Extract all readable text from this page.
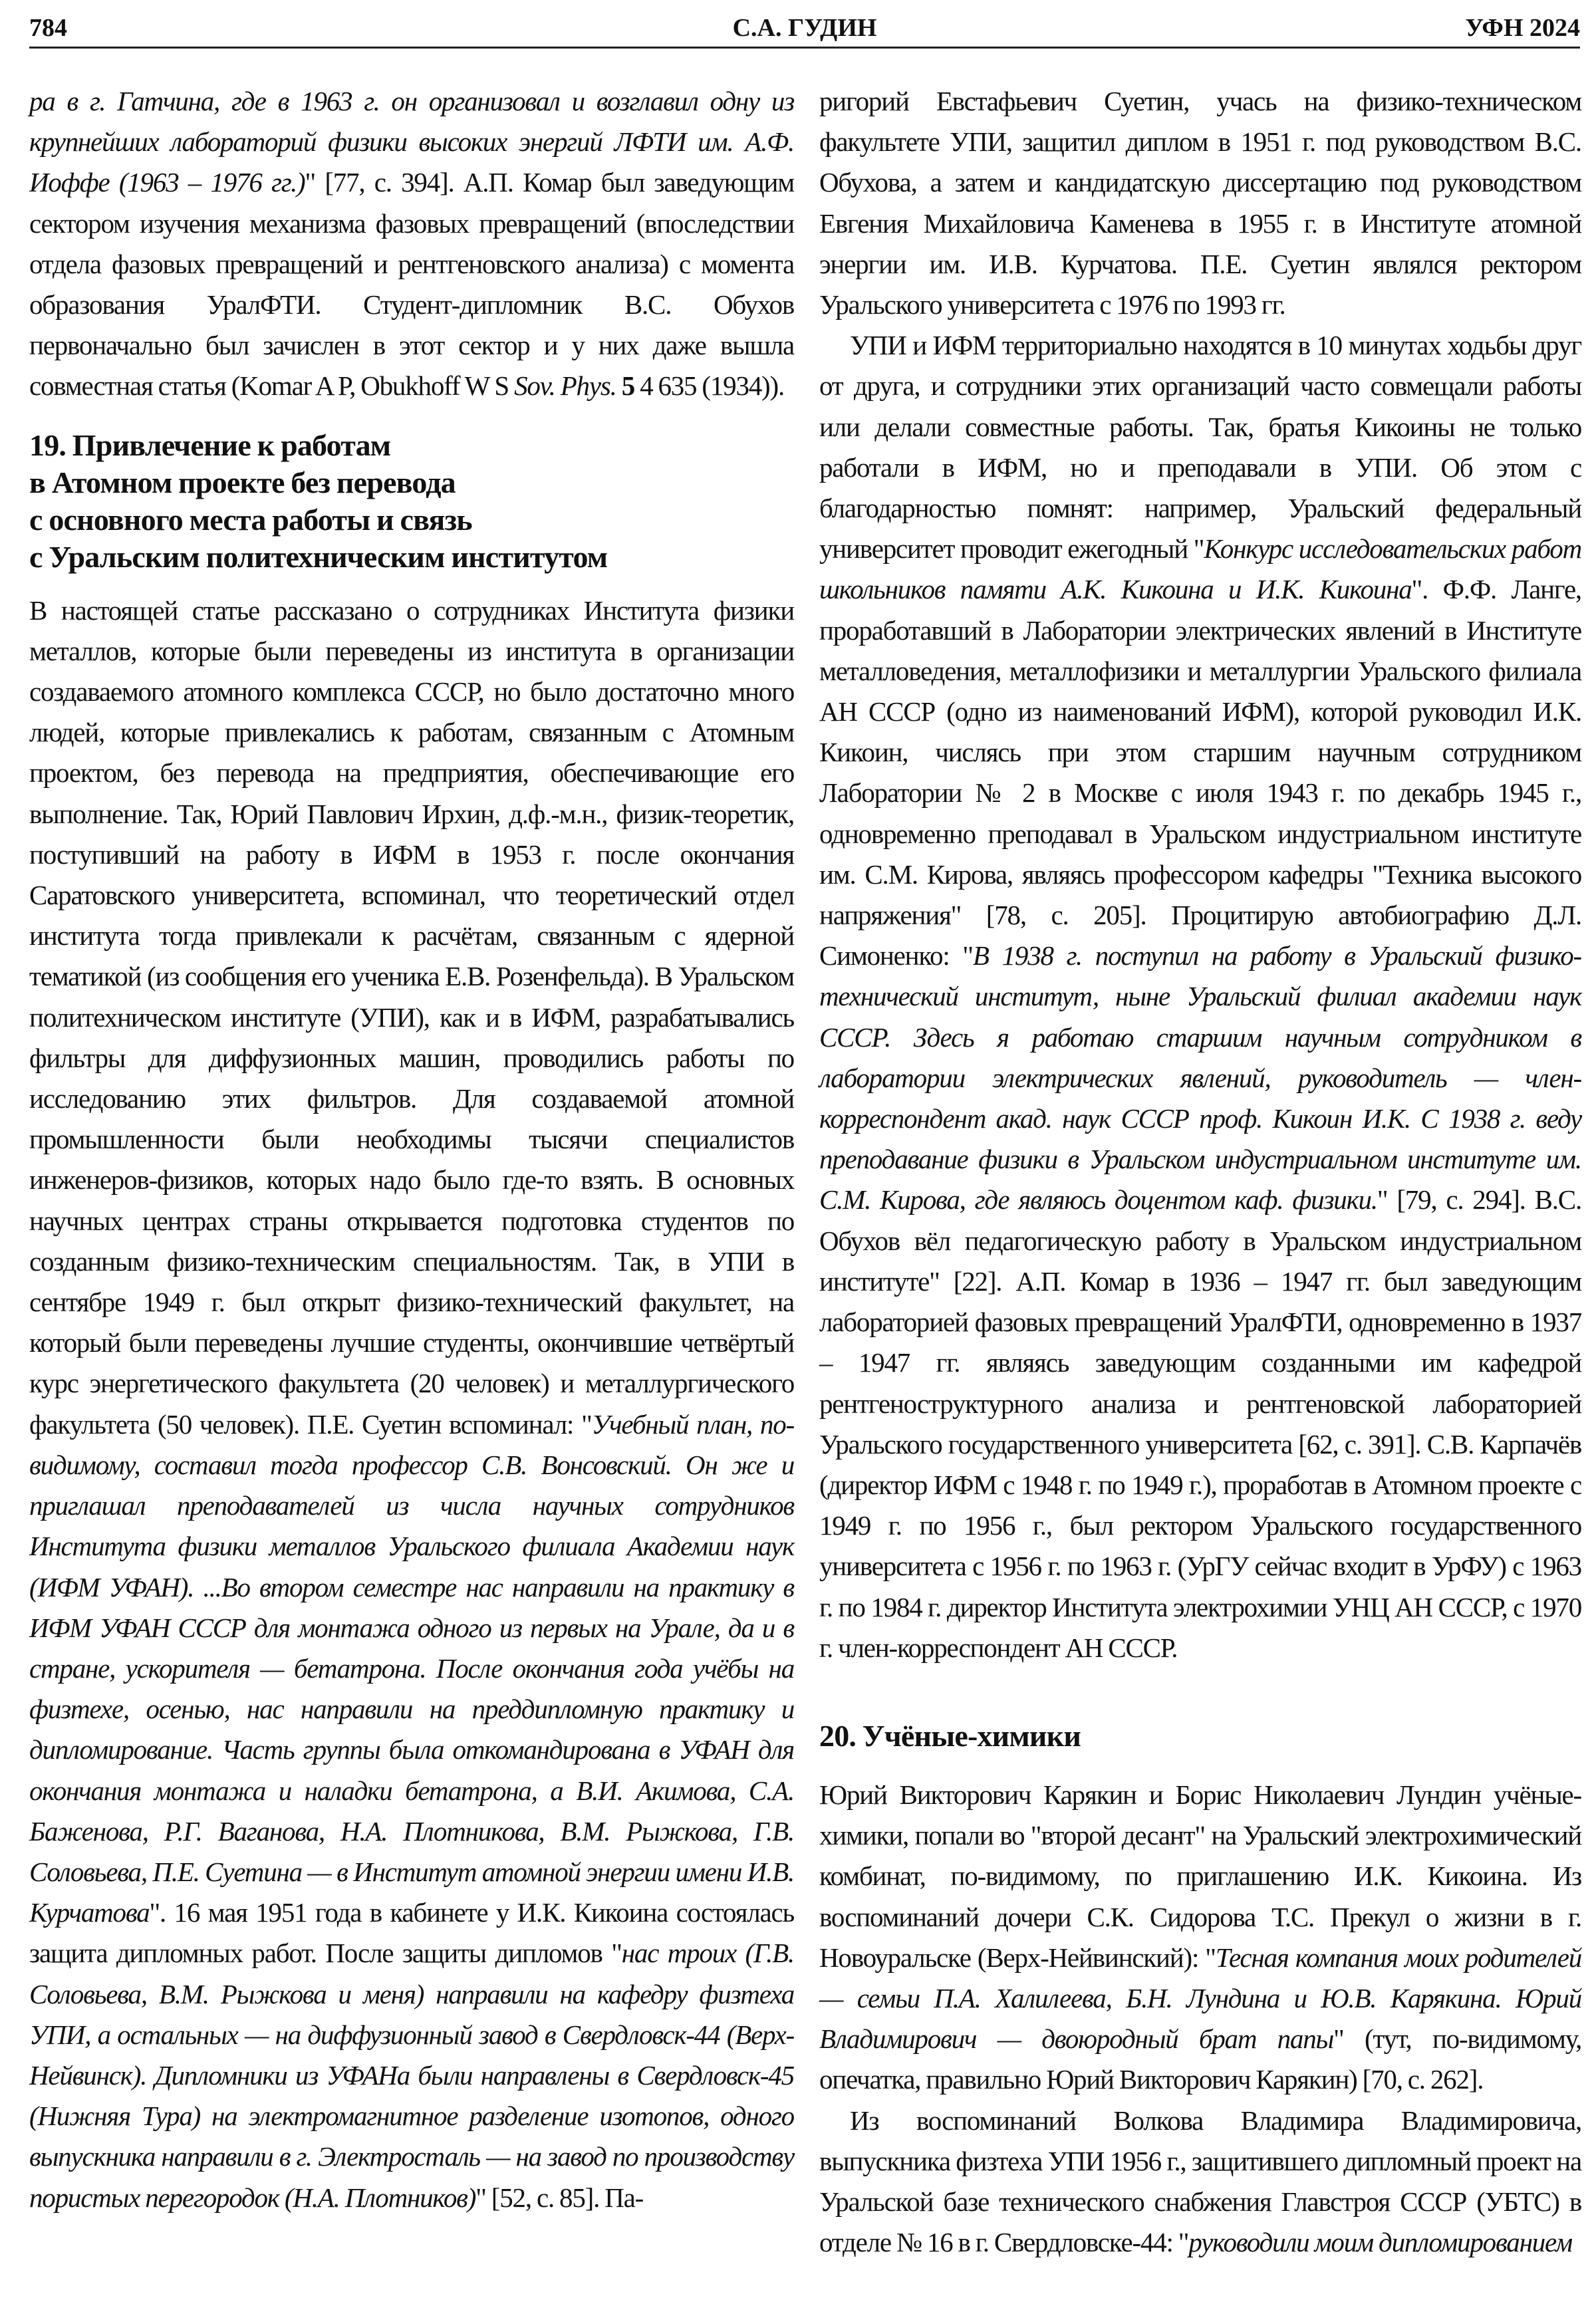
784	С.А. ГУДИН	УФН 2024

ра в г. Гатчина, где в 1963 г. он организовал и возглавил одну из крупнейших лабораторий физики высоких энергий ЛФТИ им. А.Ф. Иоффе (1963 – 1976 гг.)" [77, с. 394]. А.П. Комар был заведующим сектором изучения механизма фазовых превращений (впоследствии отдела фазовых превращений и рентгеновского анализа) с момента образования УралФТИ. Студент-дипломник В.С. Обухов первоначально был зачислен в этот сектор и у них даже вышла совместная статья (Komar A P, Obukhoff W S Sov. Phys. 5 4 635 (1934)).

19. Привлечение к работам
в Атомном проекте без перевода
с основного места работы и связь
с Уральским политехническим институтом

В настоящей статье рассказано о сотрудниках Института физики металлов, которые были переведены из института в организации создаваемого атомного комплекса СССР, но было достаточно много людей, которые привлекались к работам, связанным с Атомным проектом, без перевода на предприятия, обеспечивающие его выполнение. Так, Юрий Павлович Ирхин, д.ф.-м.н., физик-теоретик, поступивший на работу в ИФМ в 1953 г. после окончания Саратовского университета, вспоминал, что теоретический отдел института тогда привлекали к расчётам, связанным с ядерной тематикой (из сообщения его ученика Е.В. Розенфельда). В Уральском политехническом институте (УПИ), как и в ИФМ, разрабатывались фильтры для диффузионных машин, проводились работы по исследованию этих фильтров. Для создаваемой атомной промышленности были необходимы тысячи специалистов инженеров-физиков, которых надо было где-то взять. В основных научных центрах страны открывается подготовка студентов по созданным физико-техническим специальностям. Так, в УПИ в сентябре 1949 г. был открыт физико-технический факультет, на который были переведены лучшие студенты, окончившие четвёртый курс энергетического факультета (20 человек) и металлургического факультета (50 человек). П.Е. Суетин вспоминал: "Учебный план, по-видимому, составил тогда профессор С.В. Вонсовский. Он же и приглашал преподавателей из числа научных сотрудников Института физики металлов Уральского филиала Академии наук (ИФМ УФАН). ...Во втором семестре нас направили на практику в ИФМ УФАН СССР для монтажа одного из первых на Урале, да и в стране, ускорителя — бетатрона. После окончания года учёбы на физтехе, осенью, нас направили на преддипломную практику и дипломирование. Часть группы была откомандирована в УФАН для окончания монтажа и наладки бетатрона, а В.И. Акимова, С.А. Баженова, Р.Г. Ваганова, Н.А. Плотникова, В.М. Рыжкова, Г.В. Соловьева, П.Е. Суетина — в Институт атомной энергии имени И.В. Курчатова". 16 мая 1951 года в кабинете у И.К. Кикоина состоялась защита дипломных работ. После защиты дипломов "нас троих (Г.В. Соловьева, В.М. Рыжкова и меня) направили на кафедру физтеха УПИ, а остальных — на диффузионный завод в Свердловск-44 (Верх-Нейвинск). Дипломники из УФАНа были направлены в Свердловск-45 (Нижняя Тура) на электромагнитное разделение изотопов, одного выпускника направили в г. Электросталь — на завод по производству пористых перегородок (Н.А. Плотников)" [52, с. 85]. Па-

ригорий Евстафьевич Суетин, учась на физико-техническом факультете УПИ, защитил диплом в 1951 г. под руководством В.С. Обухова, а затем и кандидатскую диссертацию под руководством Евгения Михайловича Каменева в 1955 г. в Институте атомной энергии им. И.В. Курчатова. П.Е. Суетин являлся ректором Уральского университета с 1976 по 1993 гг.

УПИ и ИФМ территориально находятся в 10 минутах ходьбы друг от друга, и сотрудники этих организаций часто совмещали работы или делали совместные работы. Так, братья Кикоины не только работали в ИФМ, но и преподавали в УПИ. Об этом с благодарностью помнят: например, Уральский федеральный университет проводит ежегодный "Конкурс исследовательских работ школьников памяти А.К. Кикоина и И.К. Кикоина". Ф.Ф. Ланге, проработавший в Лаборатории электрических явлений в Институте металловедения, металлофизики и металлургии Уральского филиала АН СССР (одно из наименований ИФМ), которой руководил И.К. Кикоин, числясь при этом старшим научным сотрудником Лаборатории № 2 в Москве с июля 1943 г. по декабрь 1945 г., одновременно преподавал в Уральском индустриальном институте им. С.М. Кирова, являясь профессором кафедры "Техника высокого напряжения" [78, с. 205]. Процитирую автобиографию Д.Л. Симоненко: "В 1938 г. поступил на работу в Уральский физико-технический институт, ныне Уральский филиал академии наук СССР. Здесь я работаю старшим научным сотрудником в лаборатории электрических явлений, руководитель — член-корреспондент акад. наук СССР проф. Кикоин И.К. С 1938 г. веду преподавание физики в Уральском индустриальном институте им. С.М. Кирова, где являюсь доцентом каф. физики." [79, с. 294]. В.С. Обухов вёл педагогическую работу в Уральском индустриальном институте" [22]. А.П. Комар в 1936 – 1947 гг. был заведующим лабораторией фазовых превращений УралФТИ, одновременно в 1937 – 1947 гг. являясь заведующим созданными им кафедрой рентгеноструктурного анализа и рентгеновской лабораторией Уральского государственного университета [62, с. 391]. С.В. Карпачёв (директор ИФМ с 1948 г. по 1949 г.), проработав в Атомном проекте с 1949 г. по 1956 г., был ректором Уральского государственного университета с 1956 г. по 1963 г. (УрГУ сейчас входит в УрФУ) с 1963 г. по 1984 г. директор Института электрохимии УНЦ АН СССР, с 1970 г. член-корреспондент АН СССР.

20. Учёные-химики

Юрий Викторович Карякин и Борис Николаевич Лундин учёные-химики, попали во "второй десант" на Уральский электрохимический комбинат, по-видимому, по приглашению И.К. Кикоина. Из воспоминаний дочери С.К. Сидорова Т.С. Прекул о жизни в г. Новоуральске (Верх-Нейвинский): "Тесная компания моих родителей — семьи П.А. Халилеева, Б.Н. Лундина и Ю.В. Карякина. Юрий Владимирович — двоюродный брат папы" (тут, по-видимому, опечатка, правильно Юрий Викторович Карякин) [70, с. 262].

Из воспоминаний Волкова Владимира Владимировича, выпускника физтеха УПИ 1956 г., защитившего дипломный проект на Уральской базе технического снабжения Главстроя СССР (УБТС) в отделе № 16 в г. Свердловске-44: "руководили моим дипломированием
